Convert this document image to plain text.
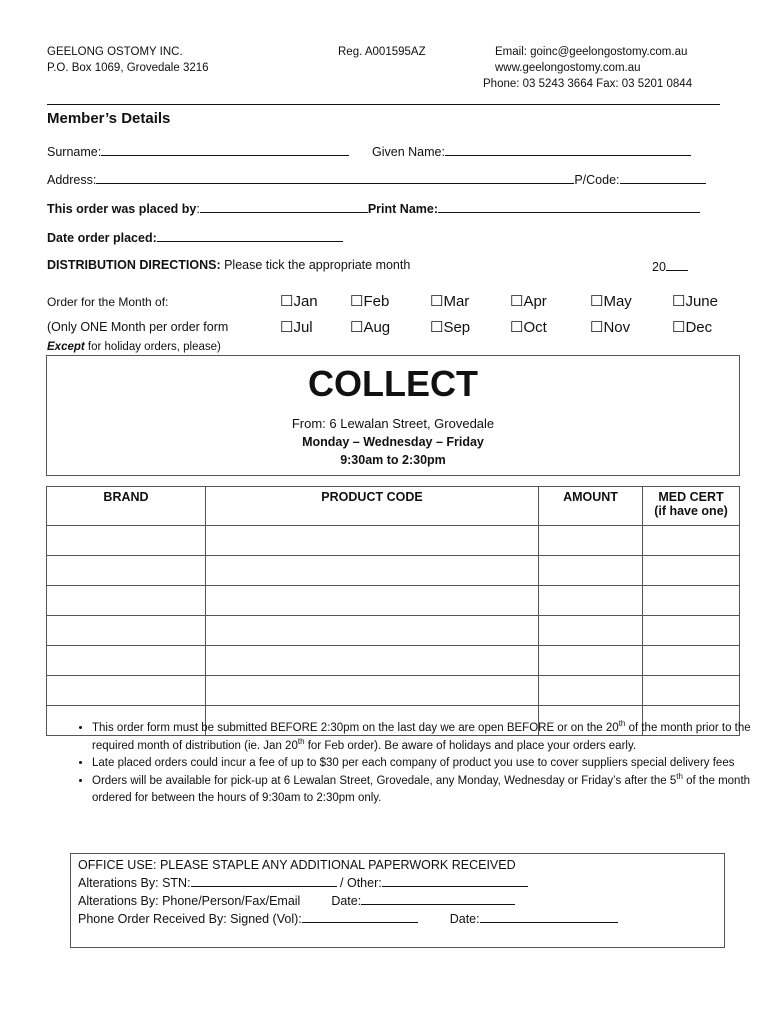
GEELONG OSTOMY INC.
P.O. Box 1069, Grovedale 3216
Reg. A001595AZ	Email: goinc@geelongostomy.com.au
www.geelongostomy.com.au
Phone: 03 5243 3664 Fax: 03 5201 0844
Member’s Details
Surname:	Given Name:
Address:	P/Code:
This order was placed by:	Print Name:
Date order placed:
DISTRIBUTION DIRECTIONS: Please tick the appropriate month	20
Order for the Month of:
(Only ONE Month per order form
Except for holiday orders, please)
☐Jan ☐Feb	☐Mar	☐Apr	☐May	☐June
☐Jul ☐Aug	☐Sep	☐Oct	☐Nov	☐Dec
COLLECT
From: 6 Lewalan Street, Grovedale
Monday – Wednesday – Friday
9:30am to 2:30pm
BRAND	PRODUCT CODE	AMOUNT	MED CERT
(if have one)

• This order form must be submitted BEFORE 2:30pm on the last day we are open BEFORE or on the 20th of the month prior to the required month of distribution (ie. Jan 20th for Feb order). Be aware of holidays and place your orders early.
• Late placed orders could incur a fee of up to $30 per each company of product you use to cover suppliers special delivery fees
• Orders will be available for pick-up at 6 Lewalan Street, Grovedale, any Monday, Wednesday or Friday’s after the 5th of the month ordered for between the hours of 9:30am to 2:30pm only.
OFFICE USE: PLEASE STAPLE ANY ADDITIONAL PAPERWORK RECEIVED
Alterations By: STN:	/ Other:
Alterations By: Phone/Person/Fax/Email Date:
Phone Order Received By: Signed (Vol):	Date:
